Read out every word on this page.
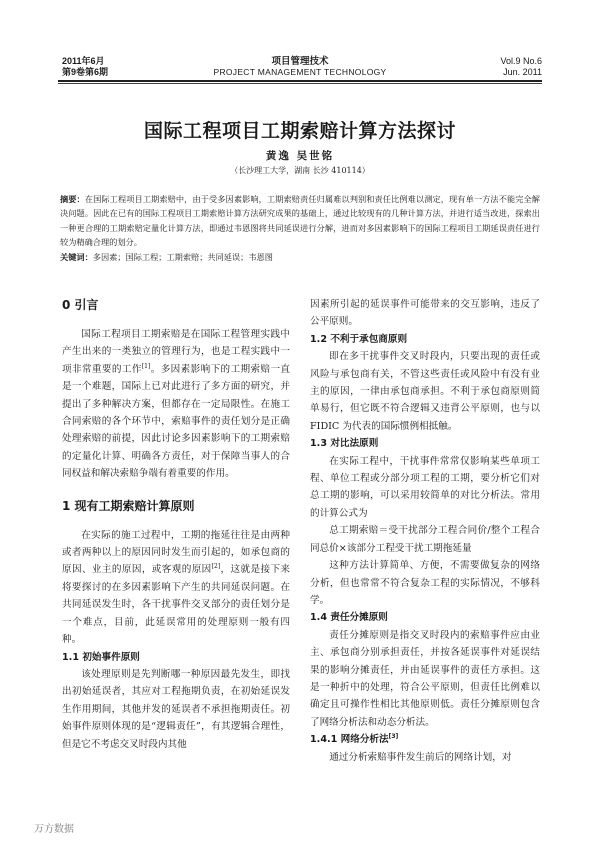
2011年6月
第9卷第6期
项目管理技术
PROJECT MANAGEMENT TECHNOLOGY
Vol.9 No.6
Jun. 2011
国际工程项目工期索赔计算方法探讨
黄逸 吴世铭
（长沙理工大学，湖南 长沙 410114）
摘要：在国际工程项目工期索赔中，由于受多因素影响，工期索赔责任归属难以判别和责任比例难以测定，现有单一方法不能完全解决问题。因此在已有的国际工程项目工期索赔计算方法研究成果的基础上，通过比较现有的几种计算方法，并进行适当改进，探索出一种更合理的工期索赔定量化计算方法，即通过韦恩图将共同延误进行分解，进而对多因素影响下的国际工程项目工期延误责任进行较为精确合理的划分。
关键词：多因素；国际工程；工期索赔；共同延误；韦恩图
0 引言

国际工程项目工期索赔是在国际工程管理实践中产生出来的一类独立的管理行为，也是工程实践中一项非常重要的工作[1]。多因素影响下的工期索赔一直是一个难题，国际上已对此进行了多方面的研究，并提出了多种解决方案，但都存在一定局限性。在施工合同索赔的各个环节中，索赔事件的责任划分是正确处理索赔的前提，因此讨论多因素影响下的工期索赔的定量化计算、明确各方责任，对于保障当事人的合同权益和解决索赔争端有着重要的作用。

1 现有工期索赔计算原则

在实际的施工过程中，工期的拖延往往是由两种或者两种以上的原因同时发生而引起的，如承包商的原因、业主的原因，或客观的原因[2]，这就是接下来将要探讨的在多因素影响下产生的共同延误问题。在共同延误发生时，各干扰事件交叉部分的责任划分是一个难点，目前，此延误常用的处理原则一般有四种。

1.1 初始事件原则

该处理原则是先判断哪一种原因最先发生，即找出初始延误者，其应对工程拖期负责，在初始延误发生作用期间，其他并发的延误者不承担拖期责任。初始事件原则体现的是“逻辑责任”，有其逻辑合理性，但是它不考虑交叉时段内其他

因素所引起的延误事件可能带来的交互影响，违反了公平原则。

1.2 不利于承包商原则

即在多干扰事件交叉时段内，只要出现的责任或风险与承包商有关，不管这些责任或风险中有没有业主的原因，一律由承包商承担。不利于承包商原则简单易行，但它既不符合逻辑又违背公平原则，也与以 FIDIC 为代表的国际惯例相抵触。

1.3 对比法原则

在实际工程中，干扰事件常常仅影响某些单项工程、单位工程或分部分项工程的工期，要分析它们对总工期的影响，可以采用较简单的对比分析法。常用的计算公式为

总工期索赔＝受干扰部分工程合同价/整个工程合同总价×该部分工程受干扰工期拖延量

这种方法计算简单、方便，不需要做复杂的网络分析，但也常常不符合复杂工程的实际情况，不够科学。

1.4 责任分摊原则

责任分摊原则是指交叉时段内的索赔事件应由业主、承包商分别承担责任，并按各延误事件对延误结果的影响分摊责任，并由延误事件的责任方承担。这是一种折中的处理，符合公平原则，但责任比例难以确定且可操作性相比其他原则低。责任分摊原则包含了网络分析法和动态分析法。

1.4.1 网络分析法[3]

通过分析索赔事件发生前后的网络计划，对

万方数据
